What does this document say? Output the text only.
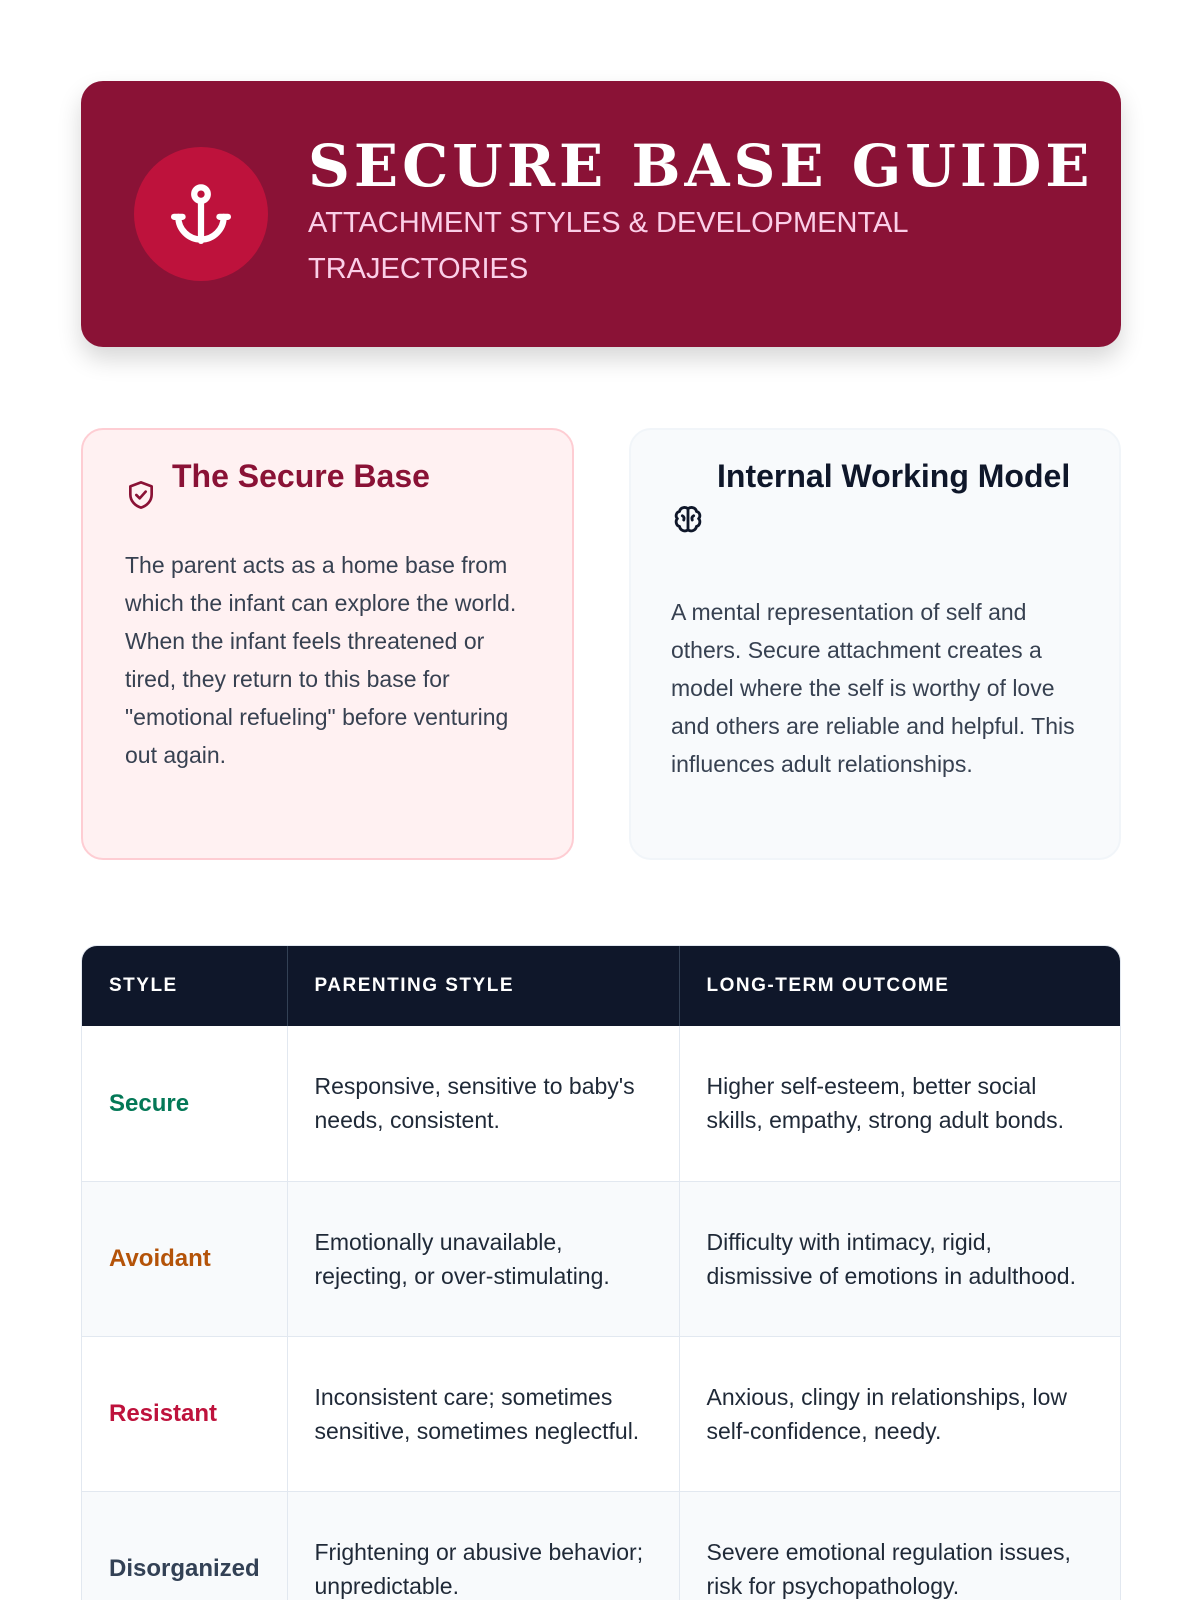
SECURE BASE GUIDE

ATTACHMENT STYLES & DEVELOPMENTAL TRAJECTORIES

The Secure Base

The parent acts as a home base from which the infant can explore the world. When the infant feels threatened or tired, they return to this base for "emotional refueling" before venturing out again.

Internal Working Model

A mental representation of self and others. Secure attachment creates a model where the self is worthy of love and others are reliable and helpful. This influences adult relationships.

STYLE	PARENTING STYLE	LONG-TERM OUTCOME
Secure	Responsive, sensitive to baby's needs, consistent.	Higher self-esteem, better social skills, empathy, strong adult bonds.
Avoidant	Emotionally unavailable, rejecting, or over-stimulating.	Difficulty with intimacy, rigid, dismissive of emotions in adulthood.
Resistant	Inconsistent care; sometimes sensitive, sometimes neglectful.	Anxious, clingy in relationships, low self-confidence, needy.
Disorganized	Frightening or abusive behavior; unpredictable.	Severe emotional regulation issues, risk for psychopathology.
